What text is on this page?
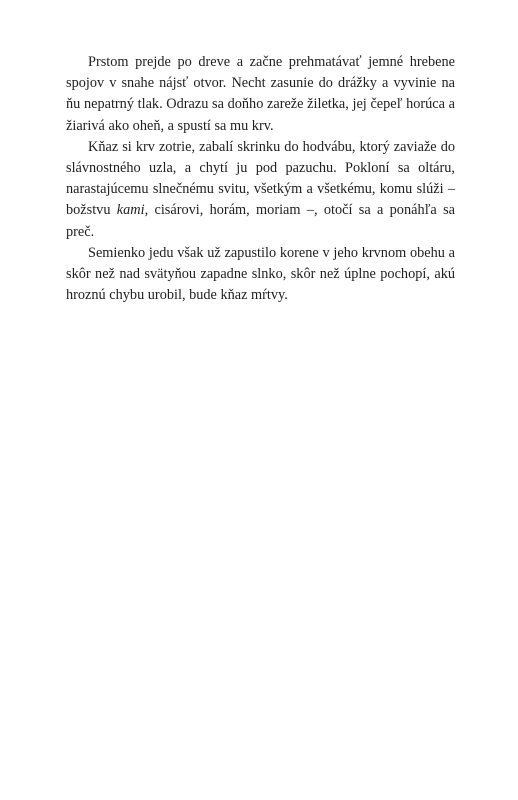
Prstom prejde po dreve a začne prehmatávať jemné hrebene spojov v snahe nájsť otvor. Necht zasunie do drážky a vyvinie na ňu nepatrný tlak. Odrazu sa doňho zareže žiletka, jej čepeľ horúca a žiarivá ako oheň, a spustí sa mu krv.

Kňaz si krv zotrie, zabalí skrinku do hodvábu, ktorý zaviaže do slávnostného uzla, a chytí ju pod pazuchu. Pokloní sa oltáru, narastajúcemu slnečnému svitu, všetkým a všetkému, komu slúži – božstvu kami, cisárovi, horám, moriam –, otočí sa a ponáhľa sa preč.

Semienko jedu však už zapustilo korene v jeho krvnom obehu a skôr než nad svätyňou zapadne slnko, skôr než úplne pochopí, akú hroznú chybu urobil, bude kňaz mŕtvy.
